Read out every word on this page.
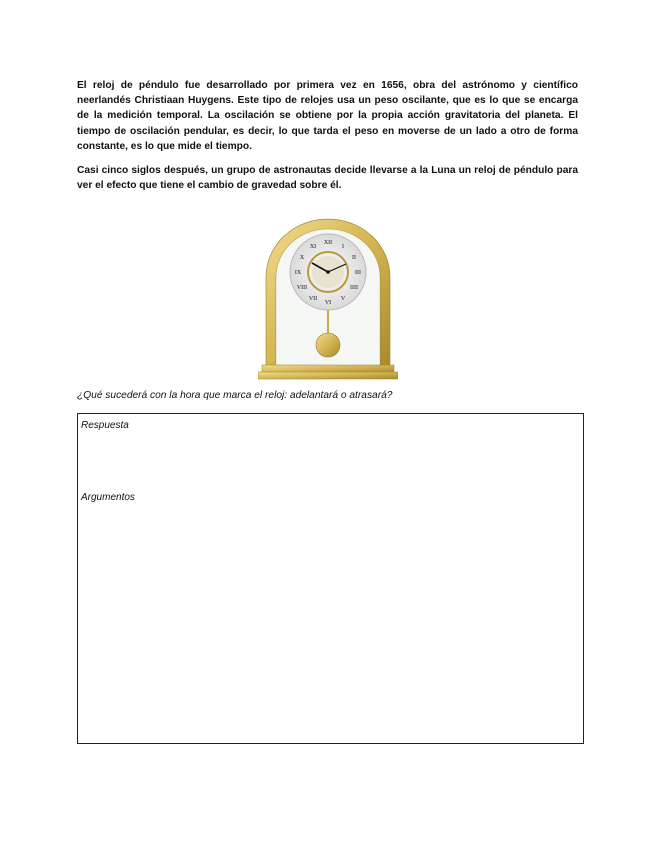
El reloj de péndulo fue desarrollado por primera vez en 1656, obra del astrónomo y científico neerlandés Christiaan Huygens. Este tipo de relojes usa un peso oscilante, que es lo que se encarga de la medición temporal. La oscilación se obtiene por la propia acción gravitatoria del planeta. El tiempo de oscilación pendular, es decir, lo que tarda el peso en moverse de un lado a otro de forma constante, es lo que mide el tiempo.

Casi cinco siglos después, un grupo de astronautas decide llevarse a la Luna un reloj de péndulo para ver el efecto que tiene el cambio de gravedad sobre él.

XII
I
II
III
IIII
V
VI
VII
VIII
IX
X
XI

¿Qué sucederá con la hora que marca el reloj: adelantará o atrasará?

Respuesta

Argumentos
